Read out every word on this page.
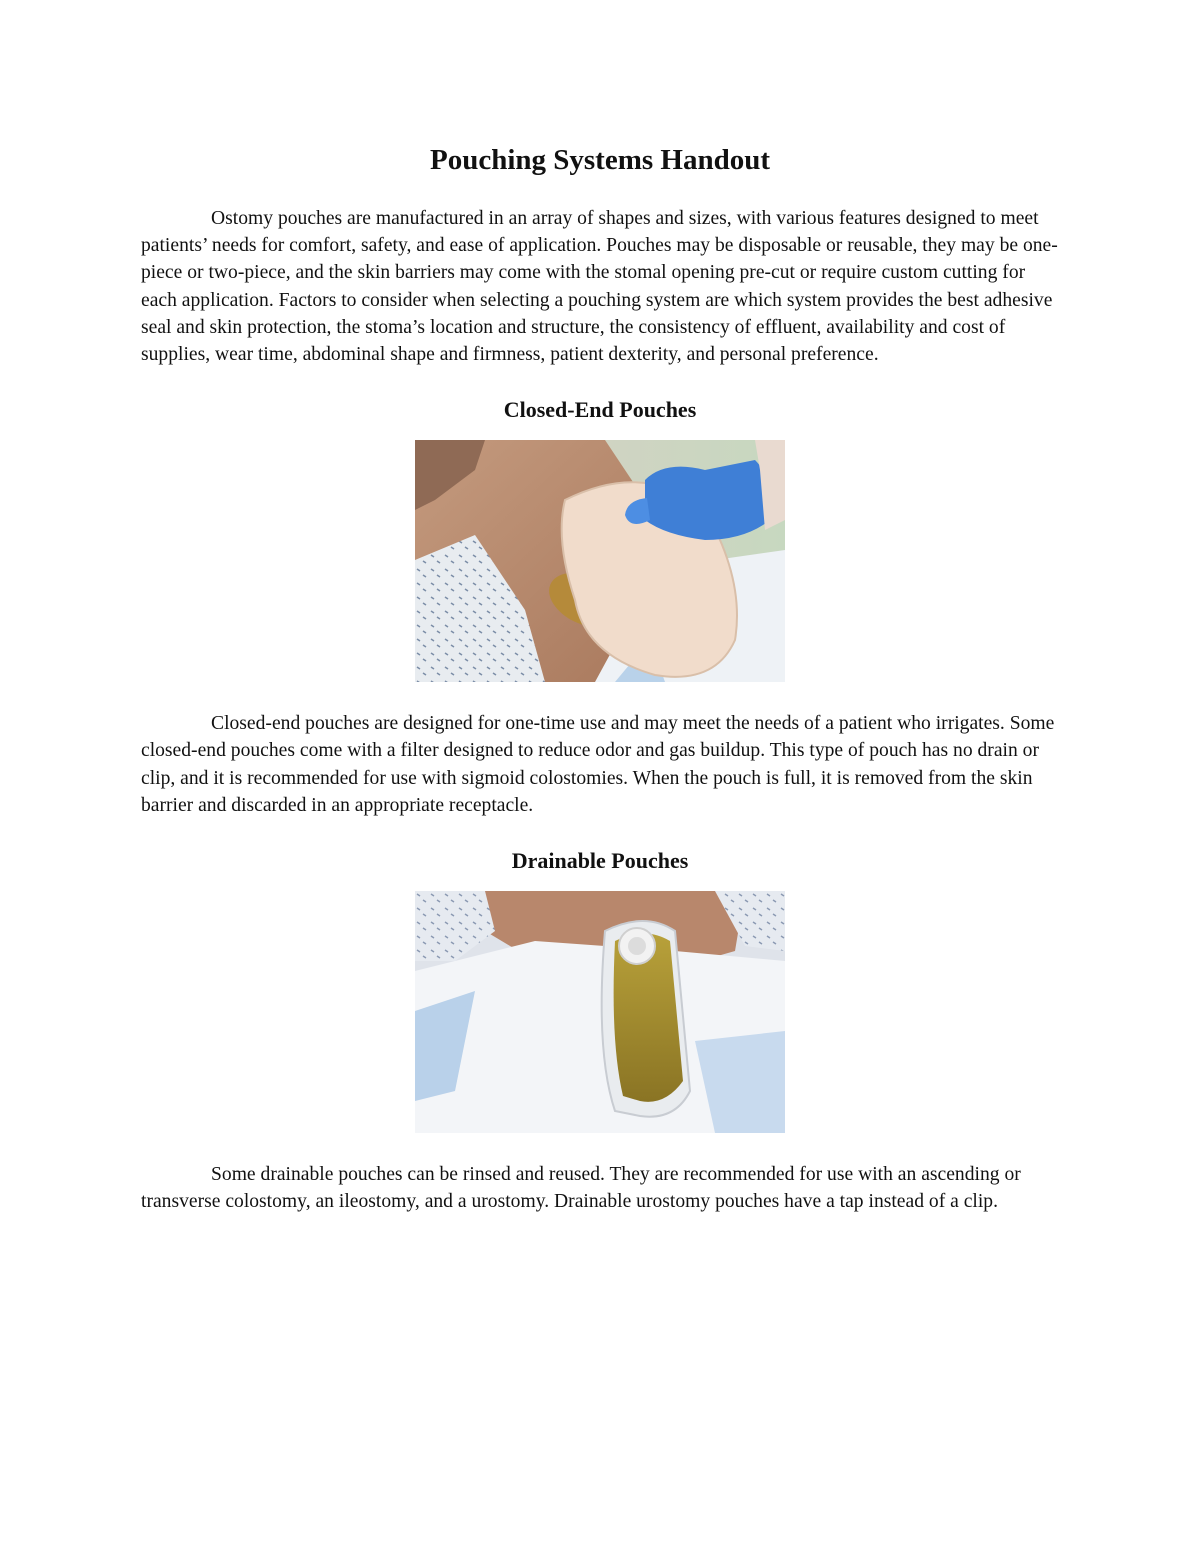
Pouching Systems Handout

Ostomy pouches are manufactured in an array of shapes and sizes, with various features designed to meet patients’ needs for comfort, safety, and ease of application. Pouches may be disposable or reusable, they may be one-piece or two-piece, and the skin barriers may come with the stomal opening pre-cut or require custom cutting for each application. Factors to consider when selecting a pouching system are which system provides the best adhesive seal and skin protection, the stoma’s location and structure, the consistency of effluent, availability and cost of supplies, wear time, abdominal shape and firmness, patient dexterity, and personal preference.

Closed-End Pouches

Closed-end pouches are designed for one-time use and may meet the needs of a patient who irrigates. Some closed-end pouches come with a filter designed to reduce odor and gas buildup. This type of pouch has no drain or clip, and it is recommended for use with sigmoid colostomies. When the pouch is full, it is removed from the skin barrier and discarded in an appropriate receptacle.

Drainable Pouches

Some drainable pouches can be rinsed and reused. They are recommended for use with an ascending or transverse colostomy, an ileostomy, and a urostomy. Drainable urostomy pouches have a tap instead of a clip.
